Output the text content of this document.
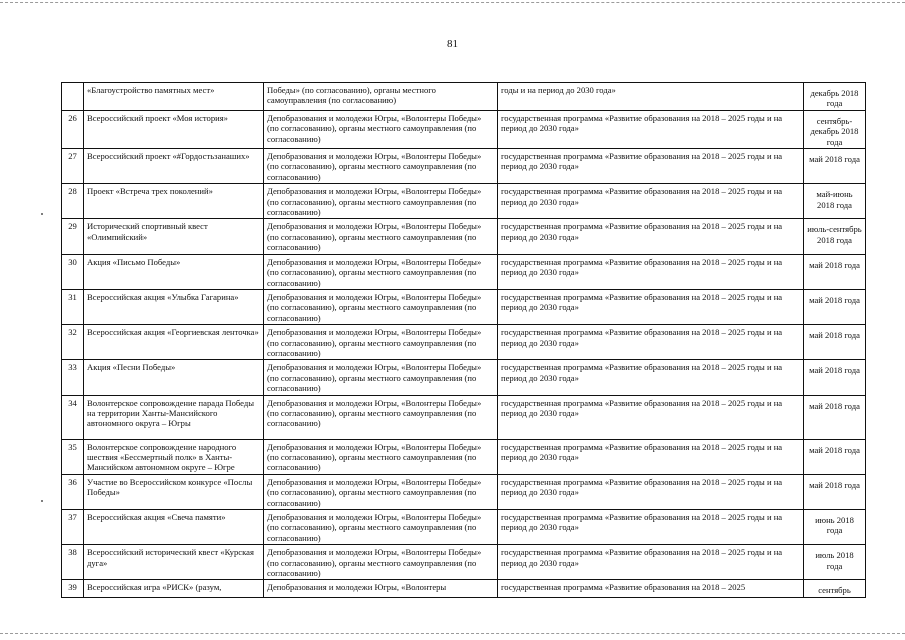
81
	«Благоустройство памятных мест»	Победы» (по согласованию), органы местного самоуправления (по согласованию)	годы и на период до 2030 года»	декабрь 2018 года

26	Всероссийский проект «Моя история»	Депобразования и молодежи Югры, «Волонтеры Победы» (по согласованию), органы местного самоуправления (по согласованию)	государственная программа «Развитие образования на 2018 – 2025 годы и на период до 2030 года»	сентябрь-декабрь 2018 года

27	Всероссийский проект «#Гордостьзанаших»	Депобразования и молодежи Югры, «Волонтеры Победы» (по согласованию), органы местного самоуправления (по согласованию)	государственная программа «Развитие образования на 2018 – 2025 годы и на период до 2030 года»	май 2018 года

28	Проект «Встреча трех поколений»	Депобразования и молодежи Югры, «Волонтеры Победы» (по согласованию), органы местного самоуправления (по согласованию)	государственная программа «Развитие образования на 2018 – 2025 годы и на период до 2030 года»	май-июнь 2018 года

29	Исторический спортивный квест «Олимпийский»	Депобразования и молодежи Югры, «Волонтеры Победы» (по согласованию), органы местного самоуправления (по согласованию)	государственная программа «Развитие образования на 2018 – 2025 годы и на период до 2030 года»	июль-сентябрь 2018 года

30	Акция «Письмо Победы»	Депобразования и молодежи Югры, «Волонтеры Победы» (по согласованию), органы местного самоуправления (по согласованию)	государственная программа «Развитие образования на 2018 – 2025 годы и на период до 2030 года»	май 2018 года

31	Всероссийская акция «Улыбка Гагарина»	Депобразования и молодежи Югры, «Волонтеры Победы» (по согласованию), органы местного самоуправления (по согласованию)	государственная программа «Развитие образования на 2018 – 2025 годы и на период до 2030 года»	май 2018 года

32	Всероссийская акция «Георгиевская ленточка»	Депобразования и молодежи Югры, «Волонтеры Победы» (по согласованию), органы местного самоуправления (по согласованию)	государственная программа «Развитие образования на 2018 – 2025 годы и на период до 2030 года»	май 2018 года

33	Акция «Песни Победы»	Депобразования и молодежи Югры, «Волонтеры Победы» (по согласованию), органы местного самоуправления (по согласованию)	государственная программа «Развитие образования на 2018 – 2025 годы и на период до 2030 года»	май 2018 года

34	Волонтерское сопровождение парада Победы на территории Ханты-Мансийского автономного округа – Югры	Депобразования и молодежи Югры, «Волонтеры Победы» (по согласованию), органы местного самоуправления (по согласованию)	государственная программа «Развитие образования на 2018 – 2025 годы и на период до 2030 года»	май 2018 года

35	Волонтерское сопровождение народного шествия «Бессмертный полк» в Ханты-Мансийском автономном округе – Югре	Депобразования и молодежи Югры, «Волонтеры Победы» (по согласованию), органы местного самоуправления (по согласованию)	государственная программа «Развитие образования на 2018 – 2025 годы и на период до 2030 года»	май 2018 года

36	Участие во Всероссийском конкурсе «Послы Победы»	Депобразования и молодежи Югры, «Волонтеры Победы» (по согласованию), органы местного самоуправления (по согласованию)	государственная программа «Развитие образования на 2018 – 2025 годы и на период до 2030 года»	май 2018 года

37	Всероссийская акция «Свеча памяти»	Депобразования и молодежи Югры, «Волонтеры Победы» (по согласованию), органы местного самоуправления (по согласованию)	государственная программа «Развитие образования на 2018 – 2025 годы и на период до 2030 года»	июнь 2018 года

38	Всероссийский исторический квест «Курская дуга»	Депобразования и молодежи Югры, «Волонтеры Победы» (по согласованию), органы местного самоуправления (по согласованию)	государственная программа «Развитие образования на 2018 – 2025 годы и на период до 2030 года»	июль 2018 года

39	Всероссийская игра «РИСК» (разум,	Депобразования и молодежи Югры, «Волонтеры	государственная программа «Развитие образования на 2018 – 2025	сентябрь
